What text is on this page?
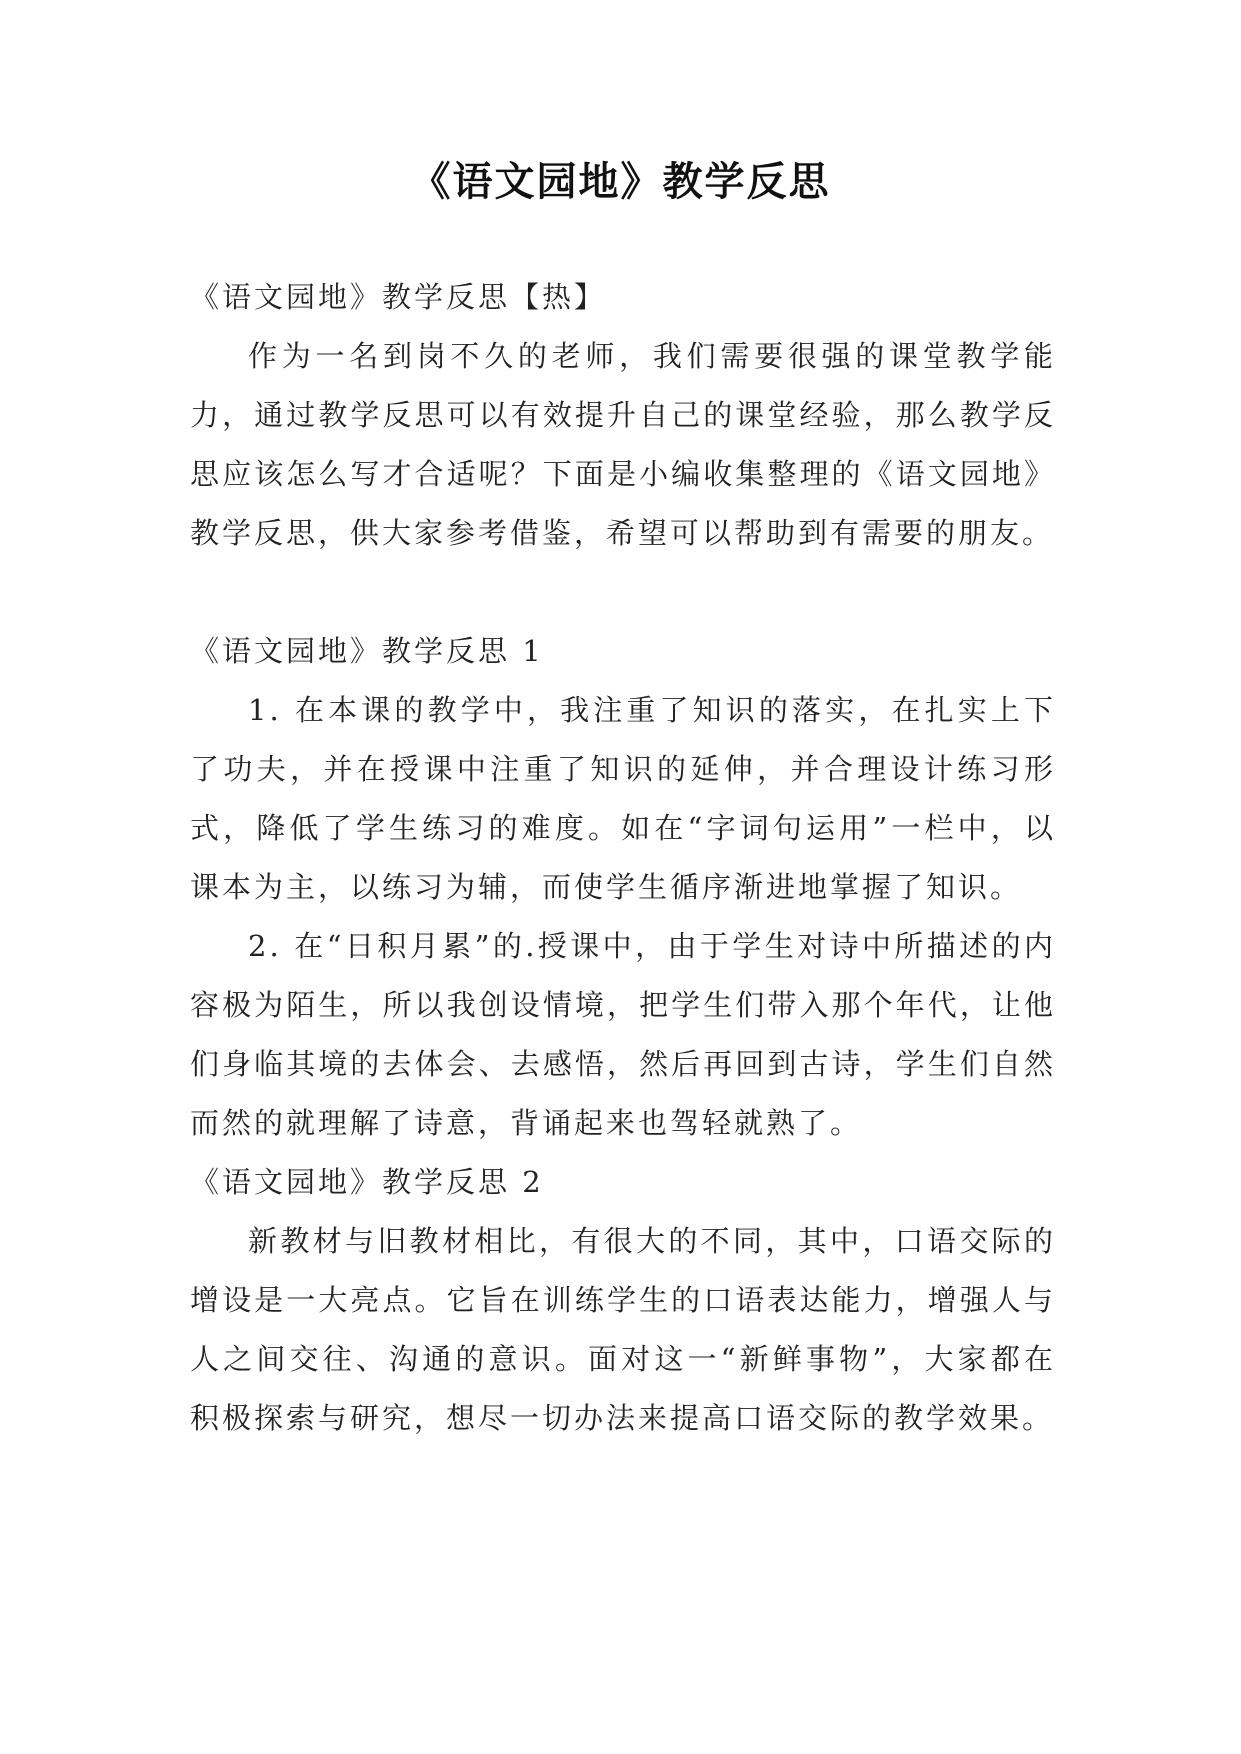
《语文园地》教学反思

《语文园地》教学反思【热】

作为一名到岗不久的老师，我们需要很强的课堂教学能力，通过教学反思可以有效提升自己的课堂经验，那么教学反思应该怎么写才合适呢？下面是小编收集整理的《语文园地》教学反思，供大家参考借鉴，希望可以帮助到有需要的朋友。

《语文园地》教学反思 1

1. 在本课的教学中，我注重了知识的落实，在扎实上下了功夫，并在授课中注重了知识的延伸，并合理设计练习形式，降低了学生练习的难度。如在“字词句运用”一栏中，以课本为主，以练习为辅，而使学生循序渐进地掌握了知识。

2. 在“日积月累”的.授课中，由于学生对诗中所描述的内容极为陌生，所以我创设情境，把学生们带入那个年代，让他们身临其境的去体会、去感悟，然后再回到古诗，学生们自然而然的就理解了诗意，背诵起来也驾轻就熟了。

《语文园地》教学反思 2

新教材与旧教材相比，有很大的不同，其中，口语交际的增设是一大亮点。它旨在训练学生的口语表达能力，增强人与人之间交往、沟通的意识。面对这一“新鲜事物”，大家都在积极探索与研究，想尽一切办法来提高口语交际的教学效果。
